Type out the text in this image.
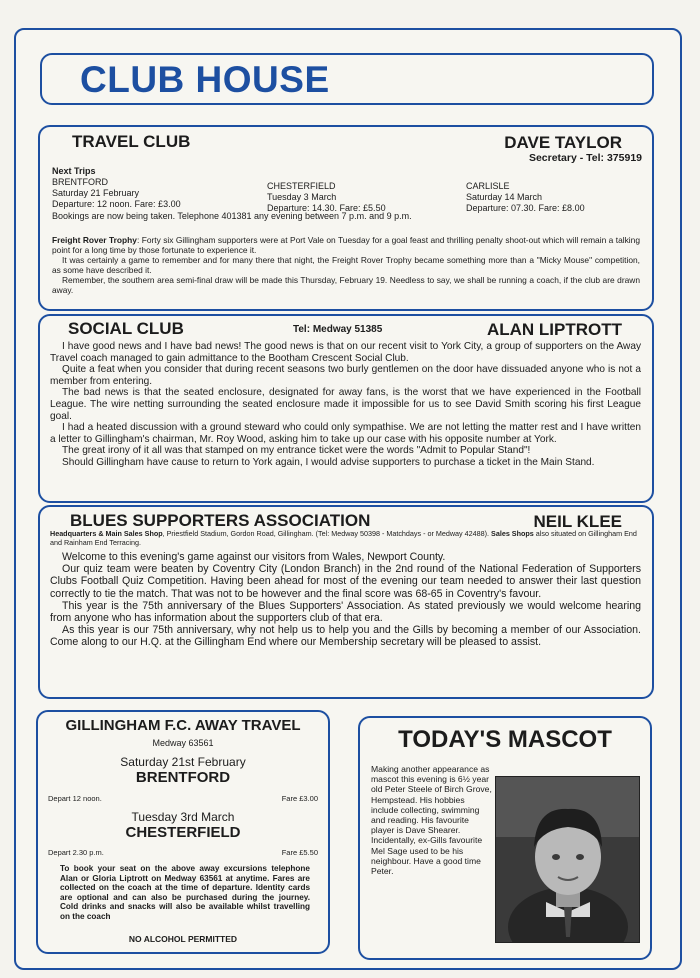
CLUB HOUSE
TRAVEL CLUB	DAVE TAYLOR
Secretary - Tel: 375919
Next Trips
BRENTFORD
Saturday 21 February
Departure: 12 noon. Fare: £3.00
CHESTERFIELD
Tuesday 3 March
Departure: 14.30. Fare: £5.50
CARLISLE
Saturday 14 March
Departure: 07.30. Fare: £8.00
Bookings are now being taken. Telephone 401381 any evening between 7 p.m. and 9 p.m.

Freight Rover Trophy: Forty six Gillingham supporters were at Port Vale on Tuesday for a goal feast and thrilling penalty shoot-out which will remain a talking point for a long time by those fortunate to experience it.

It was certainly a game to remember and for many there that night, the Freight Rover Trophy became something more than a "Micky Mouse" competition, as some have described it.

Remember, the southern area semi-final draw will be made this Thursday, February 19. Needless to say, we shall be running a coach, if the club are drawn away.

SOCIAL CLUB	Tel: Medway 51385	ALAN LIPTROTT

I have good news and I have bad news! The good news is that on our recent visit to York City, a group of supporters on the Away Travel coach managed to gain admittance to the Bootham Crescent Social Club.

Quite a feat when you consider that during recent seasons two burly gentlemen on the door have dissuaded anyone who is not a member from entering.

The bad news is that the seated enclosure, designated for away fans, is the worst that we have experienced in the Football League. The wire netting surrounding the seated enclosure made it impossible for us to see David Smith scoring his first League goal.

I had a heated discussion with a ground steward who could only sympathise. We are not letting the matter rest and I have written a letter to Gillingham's chairman, Mr. Roy Wood, asking him to take up our case with his opposite number at York.

The great irony of it all was that stamped on my entrance ticket were the words "Admit to Popular Stand"!

Should Gillingham have cause to return to York again, I would advise supporters to purchase a ticket in the Main Stand.

BLUES SUPPORTERS ASSOCIATION	NEIL KLEE
Headquarters & Main Sales Shop, Priestfield Stadium, Gordon Road, Gillingham. (Tel: Medway 50398 - Matchdays - or Medway 42488). Sales Shops also situated on Gillingham End and Rainham End Terracing.

Welcome to this evening's game against our visitors from Wales, Newport County.

Our quiz team were beaten by Coventry City (London Branch) in the 2nd round of the National Federation of Supporters Clubs Football Quiz Competition. Having been ahead for most of the evening our team needed to answer their last question correctly to tie the match. That was not to be however and the final score was 68-65 in Coventry's favour.

This year is the 75th anniversary of the Blues Supporters' Association. As stated previously we would welcome hearing from anyone who has information about the supporters club of that era.

As this year is our 75th anniversary, why not help us to help you and the Gills by becoming a member of our Association. Come along to our H.Q. at the Gillingham End where our Membership secretary will be pleased to assist.

GILLINGHAM F.C. AWAY TRAVEL
Medway 63561
Saturday 21st February
BRENTFORD
Depart 12 noon.	Fare £3.00
Tuesday 3rd March
CHESTERFIELD
Depart 2.30 p.m.	Fare £5.50
To book your seat on the above away excursions telephone Alan or Gloria Liptrott on Medway 63561 at anytime. Fares are collected on the coach at the time of departure. Identity cards are optional and can also be purchased during the journey. Cold drinks and snacks will also be available whilst travelling on the coach
NO ALCOHOL PERMITTED
TODAY'S MASCOT
Making another appearance as mascot this evening is 6½ year old Peter Steele of Birch Grove, Hempstead. His hobbies include collecting, swimming and reading. His favourite player is Dave Shearer. Incidentally, ex-Gills favourite Mel Sage used to be his neighbour. Have a good time Peter.
